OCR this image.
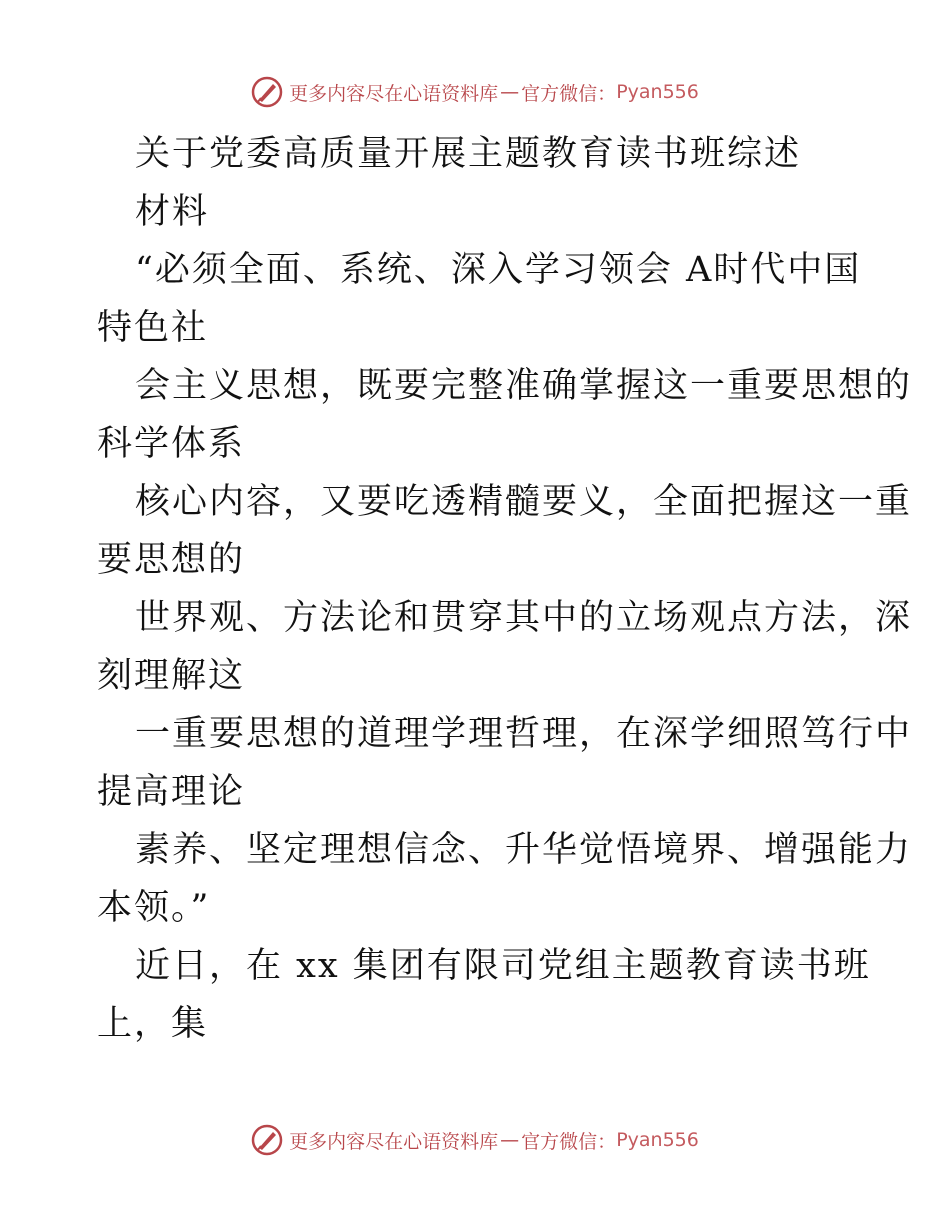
更多内容尽在心语资料库 — 官方微信： Pyan556
关于党委高质量开展主题教育读书班综述
材料
“必须全面、系统、深入学习领会 A时代中国
特色社
会主义思想，既要完整准确掌握这一重要思想的
科学体系
核心内容，又要吃透精髓要义，全面把握这一重
要思想的
世界观、方法论和贯穿其中的立场观点方法，深
刻理解这
一重要思想的道理学理哲理，在深学细照笃行中
提高理论
素养、坚定理想信念、升华觉悟境界、增强能力
本领。”
近日，在 xx 集团有限司党组主题教育读书班
上，集
更多内容尽在心语资料库 — 官方微信： Pyan556
